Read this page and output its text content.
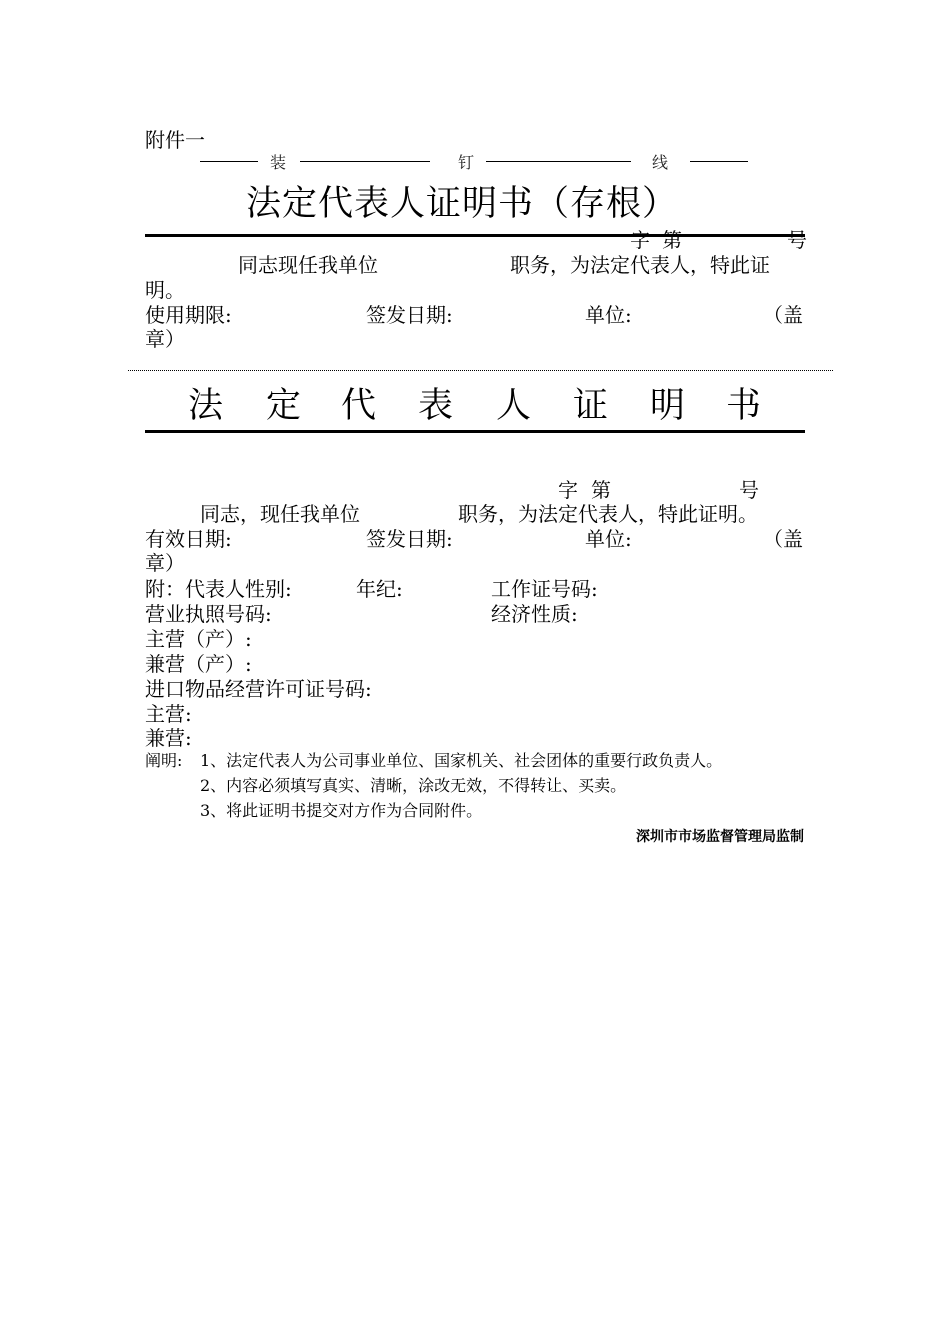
附件一
装	钉	线
法定代表人证明书（存根）
字 第	号
同志现任我单位	职务，为法定代表人，特此证
明。
使用期限:	签发日期:	单位:	（盖
章）
法 定 代 表 人 证 明 书
字 第	号
同志，现任我单位	职务，为法定代表人，特此证明。
有效日期:	签发日期:	单位:	（盖
章）
附：代表人性别:	年纪:	工作证号码:
营业执照号码:	经济性质:
主营（产）:
兼营（产）:
进口物品经营许可证号码:
主营:
兼营:
阐明: 1、法定代表人为公司事业单位、国家机关、社会团体的重要行政负责人。
2、内容必须填写真实、清晰，涂改无效，不得转让、买卖。
3、将此证明书提交对方作为合同附件。
深圳市市场监督管理局监制
